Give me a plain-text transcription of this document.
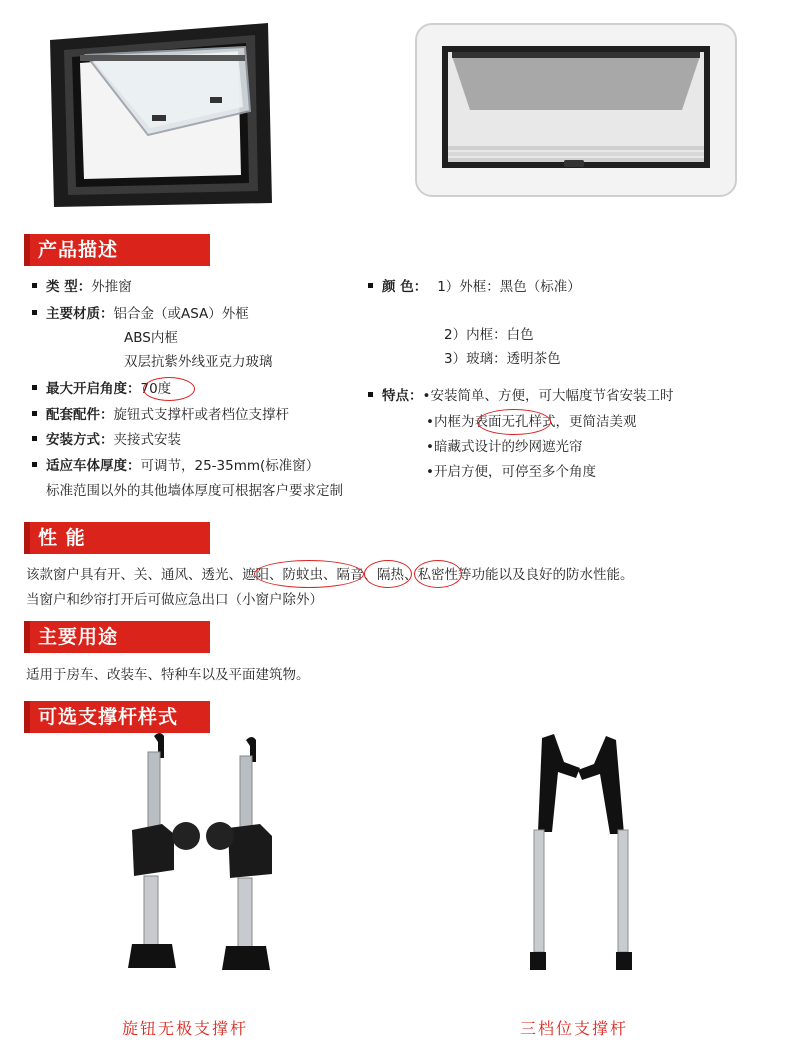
产品描述
类 型：外推窗
主要材质：铝合金（或ASA）外框
ABS内框
双层抗紫外线亚克力玻璃
最大开启角度：70度
配套配件：旋钮式支撑杆或者档位支撑杆
安装方式：夹接式安装
适应车体厚度：可调节，25-35mm(标准窗）
标准范围以外的其他墙体厚度可根据客户要求定制
颜 色： 1）外框：黑色（标准）
2）内框：白色
3）玻璃：透明茶色
特点：•安装简单、方便，可大幅度节省安装工时
•内框为表面无孔样式，更简洁美观
•暗藏式设计的纱网遮光帘
•开启方便，可停至多个角度
性 能
该款窗户具有开、关、通风、透光、遮阳、防蚊虫、隔音、隔热、私密性等功能以及良好的防水性能。
当窗户和纱帘打开后可做应急出口（小窗户除外）
主要用途
适用于房车、改装车、特种车以及平面建筑物。
可选支撑杆样式
旋钮无极支撑杆	三档位支撑杆
